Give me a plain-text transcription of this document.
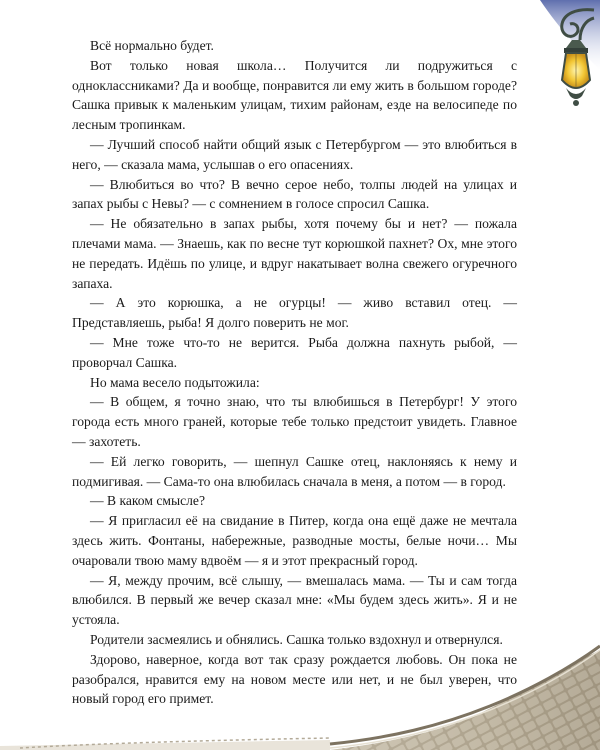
Всё нормально будет.

Вот только новая школа… Получится ли подружиться с одноклассниками? Да и вообще, понравится ли ему жить в большом городе? Сашка привык к маленьким улицам, тихим районам, езде на велосипеде по лесным тропинкам.

— Лучший способ найти общий язык с Петербургом — это влюбиться в него, — сказала мама, услышав о его опасениях.

— Влюбиться во что? В вечно серое небо, толпы людей на улицах и запах рыбы с Невы? — с сомнением в голосе спросил Сашка.

— Не обязательно в запах рыбы, хотя почему бы и нет? — пожала плечами мама. — Знаешь, как по весне тут корюшкой пахнет? Ох, мне этого не передать. Идёшь по улице, и вдруг накатывает волна свежего огуречного запаха.

— А это корюшка, а не огурцы! — живо вставил отец. — Представляешь, рыба! Я долго поверить не мог.

— Мне тоже что-то не верится. Рыба должна пахнуть рыбой, — проворчал Сашка.

Но мама весело подытожила:

— В общем, я точно знаю, что ты влюбишься в Петербург! У этого города есть много граней, которые тебе только предстоит увидеть. Главное — захотеть.

— Ей легко говорить, — шепнул Сашке отец, наклоняясь к нему и подмигивая. — Сама-то она влюбилась сначала в меня, а потом — в город.

— В каком смысле?

— Я пригласил её на свидание в Питер, когда она ещё даже не мечтала здесь жить. Фонтаны, набережные, разводные мосты, белые ночи… Мы очаровали твою маму вдвоём — я и этот прекрасный город.

— Я, между прочим, всё слышу, — вмешалась мама. — Ты и сам тогда влюбился. В первый же вечер сказал мне: «Мы будем здесь жить». Я и не устояла.

Родители засмеялись и обнялись. Сашка только вздохнул и отвернулся.

Здорово, наверное, когда вот так сразу рождается любовь. Он пока не разобрался, нравится ему на новом месте или нет, и не был уверен, что новый город его примет.
